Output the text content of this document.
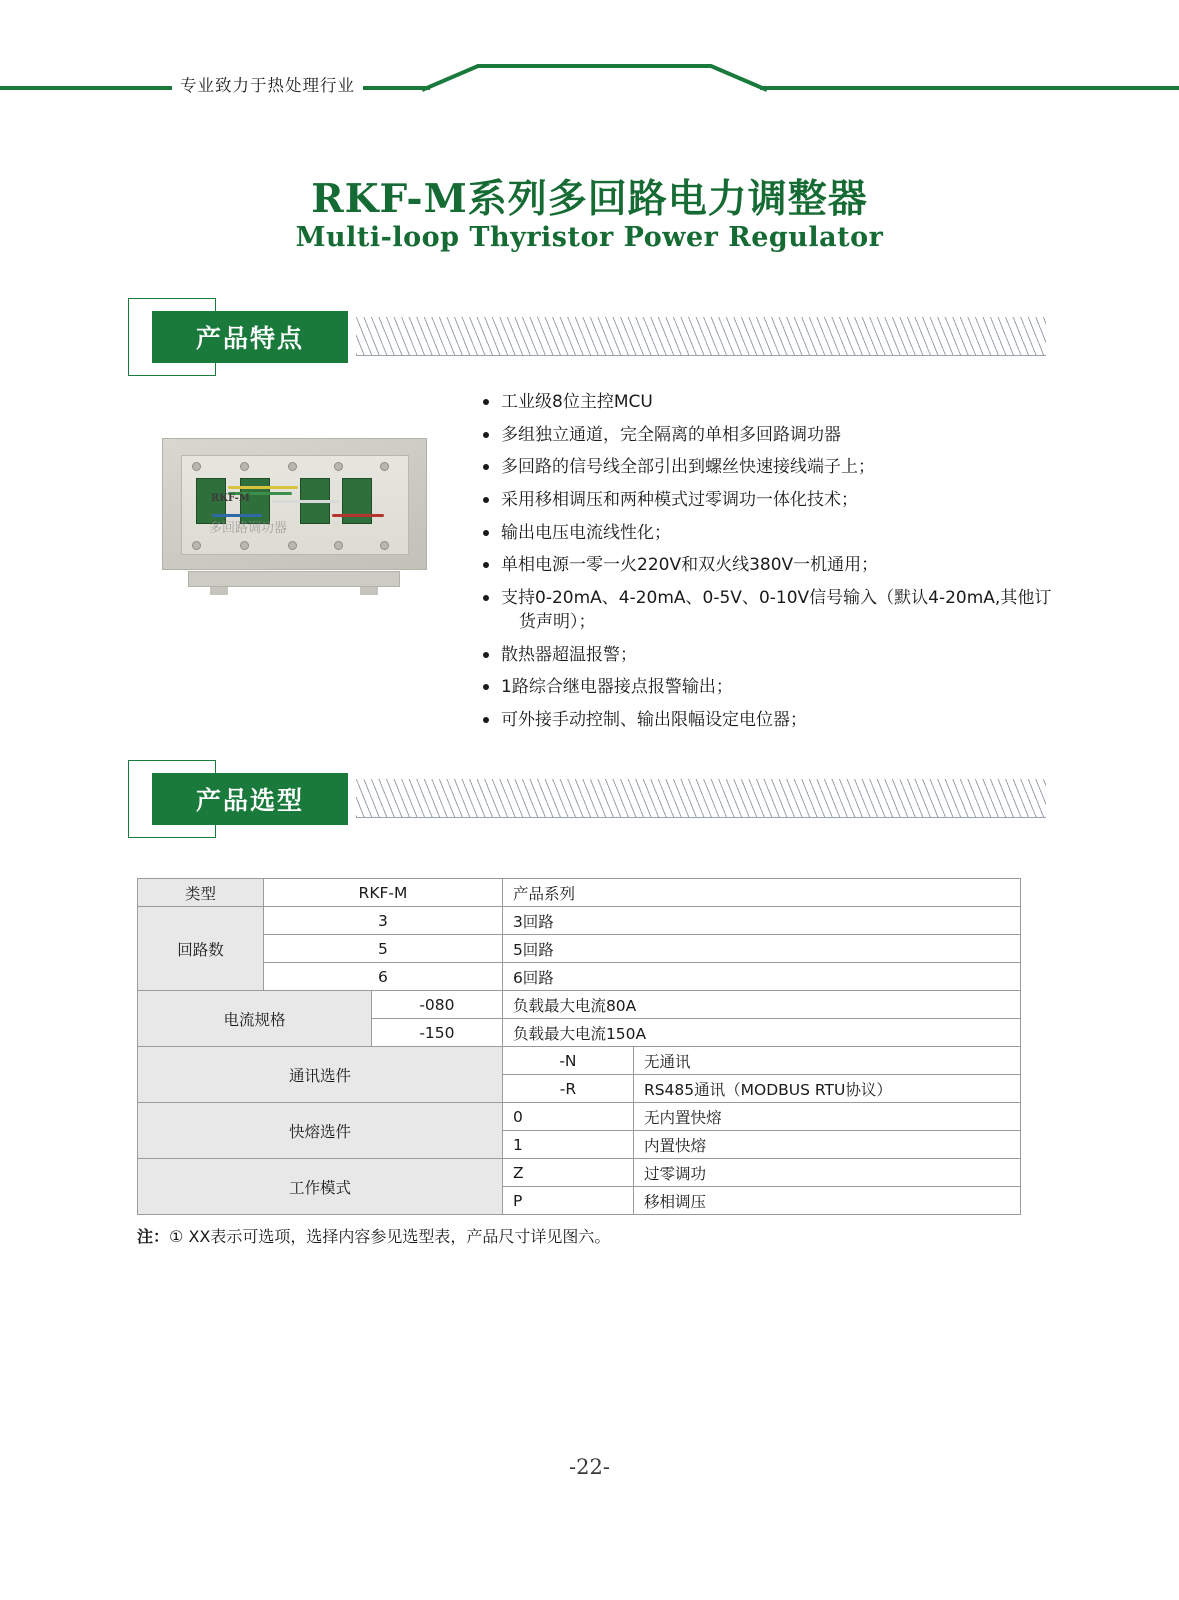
专业致力于热处理行业
RKF-M系列多回路电力调整器
Multi-loop Thyristor Power Regulator
产品特点
RKF-M
多回路调功器
工业级8位主控MCU
多组独立通道，完全隔离的单相多回路调功器
多回路的信号线全部引出到螺丝快速接线端子上；
采用移相调压和两种模式过零调功一体化技术；
输出电压电流线性化；
单相电源一零一火220V和双火线380V一机通用；
支持0-20mA、4-20mA、0-5V、0-10V信号输入（默认4-20mA,其他订
货声明）；
散热器超温报警；
1路综合继电器接点报警输出；
可外接手动控制、输出限幅设定电位器；
产品选型
类型	RKF-M		产品系列	
回路数	3		3回路	
	5		5回路	
	6		6回路	
电流规格		-080	负载最大电流80A	
		-150	负载最大电流150A	
通讯选件			-N	无通讯
			-R	RS485通讯（MODBUS RTU协议）
快熔选件			0	无内置快熔
			1	内置快熔
工作模式			Z	过零调功
			P	移相调压
注：① XX表示可选项，选择内容参见选型表，产品尺寸详见图六。
-22-
